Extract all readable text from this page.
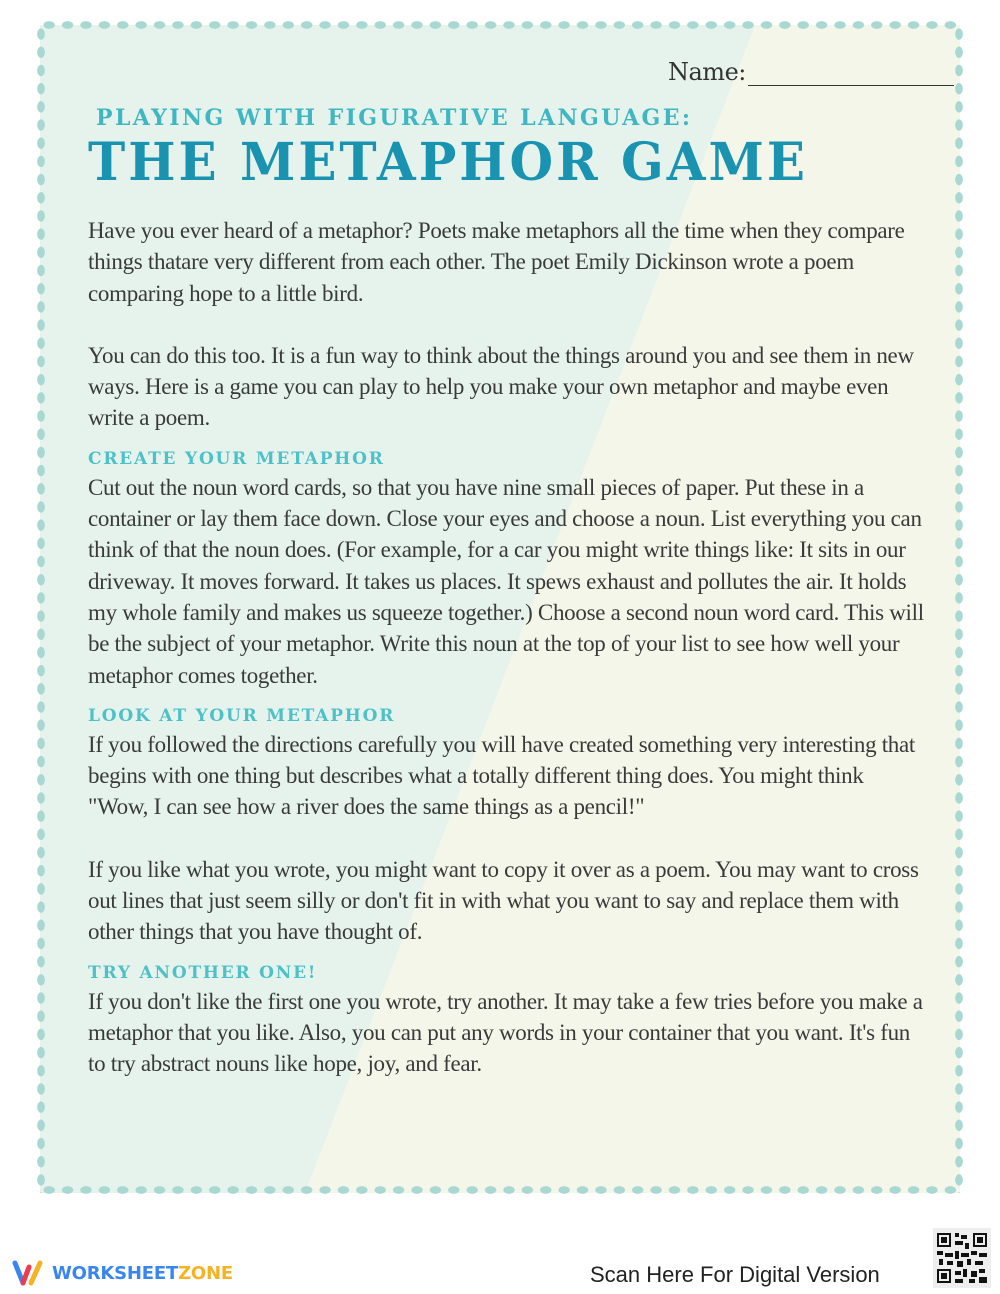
Name:
PLAYING WITH FIGURATIVE LANGUAGE:
THE METAPHOR GAME

Have you ever heard of a metaphor? Poets make metaphors all the time when they compare things thatare very different from each other. The poet Emily Dickinson wrote a poem comparing hope to a little bird.

You can do this too. It is a fun way to think about the things around you and see them in new ways. Here is a game you can play to help you make your own metaphor and maybe even write a poem.

CREATE YOUR METAPHOR

Cut out the noun word cards, so that you have nine small pieces of paper. Put these in a container or lay them face down. Close your eyes and choose a noun. List everything you can think of that the noun does. (For example, for a car you might write things like: It sits in our driveway. It moves forward. It takes us places. It spews exhaust and pollutes the air. It holds my whole family and makes us squeeze together.) Choose a second noun word card. This will be the subject of your metaphor. Write this noun at the top of your list to see how well your metaphor comes together.

LOOK AT YOUR METAPHOR

If you followed the directions carefully you will have created something very interesting that begins with one thing but describes what a totally different thing does. You might think "Wow, I can see how a river does the same things as a pencil!"

If you like what you wrote, you might want to copy it over as a poem. You may want to cross out lines that just seem silly or don't fit in with what you want to say and replace them with other things that you have thought of.

TRY ANOTHER ONE!

If you don't like the first one you wrote, try another. It may take a few tries before you make a metaphor that you like. Also, you can put any words in your container that you want. It's fun to try abstract nouns like hope, joy, and fear.

WORKSHEET ZONE	Scan Here For Digital Version
